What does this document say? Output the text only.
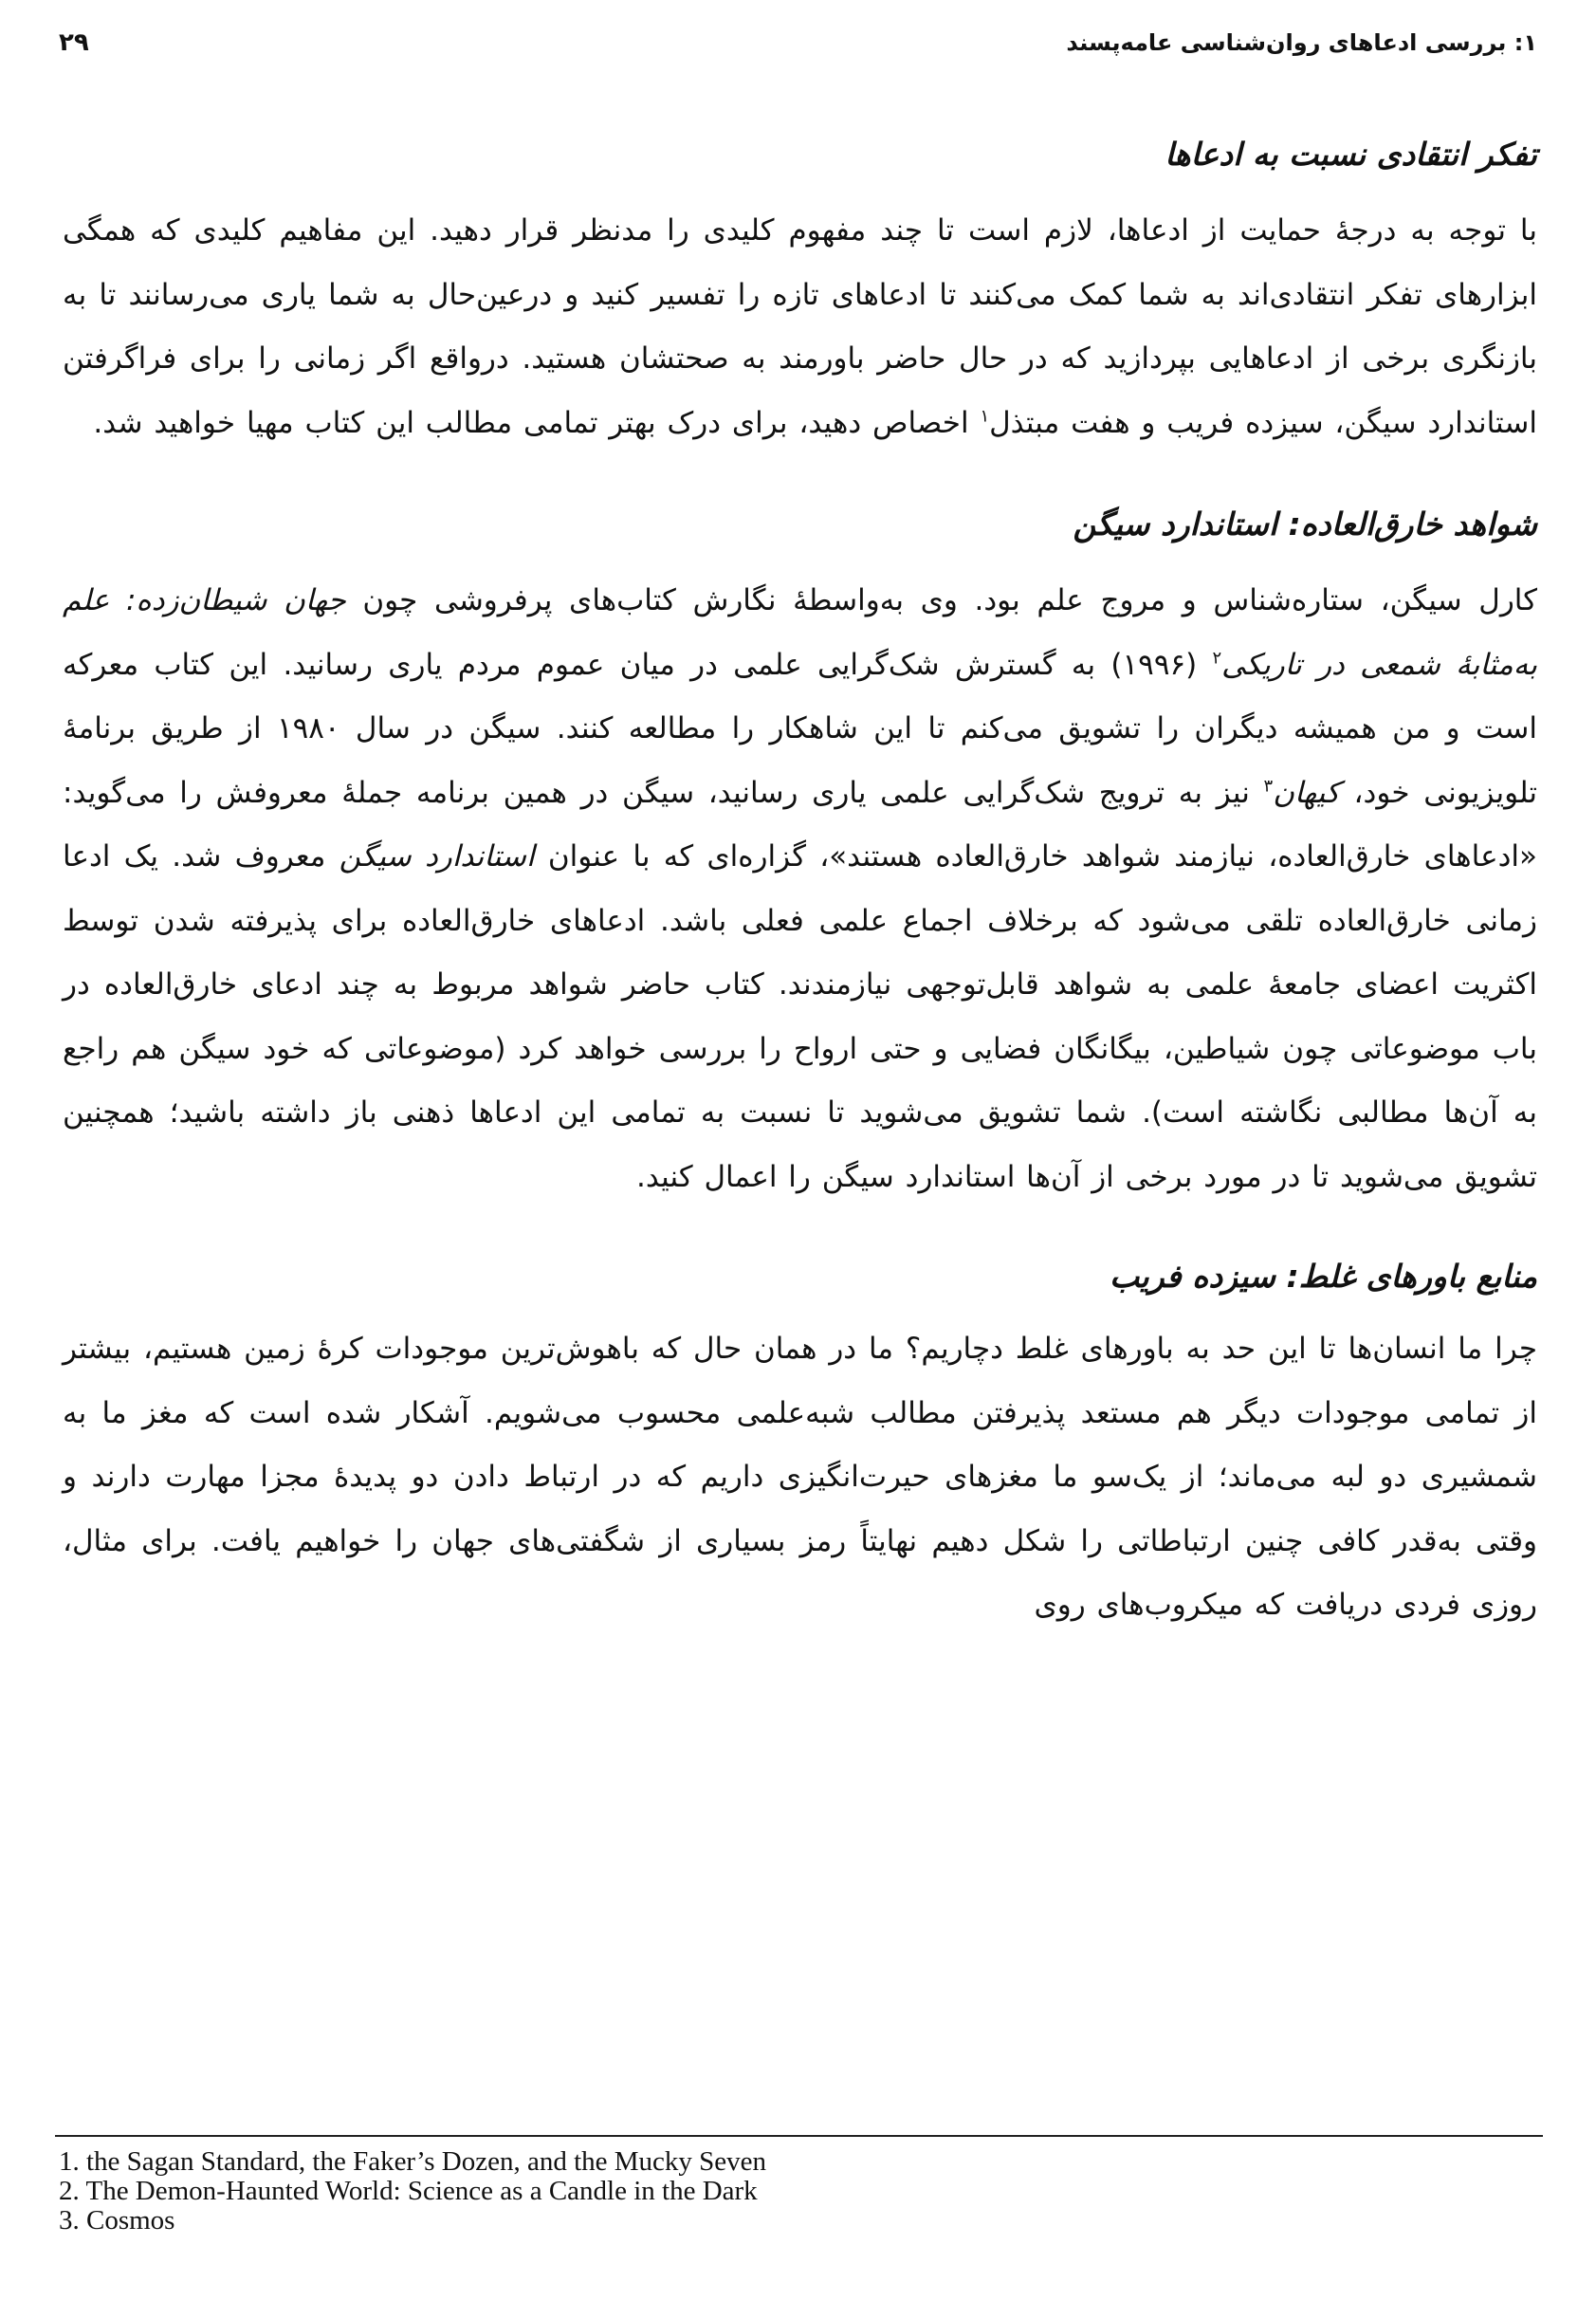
۱: بررسی ادعاهای روان‌شناسی عامه‌پسند
۲۹
تفکر انتقادی نسبت به ادعاها

با توجه به درجهٔ حمایت از ادعاها، لازم است تا چند مفهوم کلیدی را مدنظر قرار دهید. این مفاهیم کلیدی که همگی ابزارهای تفکر انتقادی‌اند به شما کمک می‌کنند تا ادعاهای تازه را تفسیر کنید و درعین‌حال به شما یاری می‌رسانند تا به بازنگری برخی از ادعاهایی بپردازید که در حال حاضر باورمند به صحتشان هستید. درواقع اگر زمانی را برای فراگرفتن استاندارد سیگن، سیزده فریب و هفت مبتذل$^۱$ اخصاص دهید، برای درک بهتر تمامی مطالب این کتاب مهیا خواهید شد.

شواهد خارق‌العاده: استاندارد سیگن

کارل سیگن، ستاره‌شناس و مروج علم بود. وی به‌واسطهٔ نگارش کتاب‌های پرفروشی چون جهان شیطان‌زده: علم به‌مثابهٔ شمعی در تاریکی$^۲$ (۱۹۹۶) به گسترش شک‌گرایی علمی در میان عموم مردم یاری رسانید. این کتاب معرکه است و من همیشه دیگران را تشویق می‌کنم تا این شاهکار را مطالعه کنند. سیگن در سال ۱۹۸۰ از طریق برنامهٔ تلویزیونی خود، کیهان$^۳$ نیز به ترویج شک‌گرایی علمی یاری رسانید، سیگن در همین برنامه جملهٔ معروفش را می‌گوید: «ادعاهای خارق‌العاده، نیازمند شواهد خارق‌العاده هستند»، گزاره‌ای که با عنوان استاندارد سیگن معروف شد. یک ادعا زمانی خارق‌العاده تلقی می‌شود که برخلاف اجماع علمی فعلی باشد. ادعاهای خارق‌العاده برای پذیرفته شدن توسط اکثریت اعضای جامعهٔ علمی به شواهد قابل‌توجهی نیازمندند. کتاب حاضر شواهد مربوط به چند ادعای خارق‌العاده در باب موضوعاتی چون شیاطین، بیگانگان فضایی و حتی ارواح را بررسی خواهد کرد (موضوعاتی که خود سیگن هم راجع به آن‌ها مطالبی نگاشته است). شما تشویق می‌شوید تا نسبت به تمامی این ادعاها ذهنی باز داشته باشید؛ همچنین تشویق می‌شوید تا در مورد برخی از آن‌ها استاندارد سیگن را اعمال کنید.

منابع باورهای غلط: سیزده فریب

چرا ما انسان‌ها تا این حد به باورهای غلط دچاریم؟ ما در همان حال که باهوش‌ترین موجودات کرهٔ زمین هستیم، بیشتر از تمامی موجودات دیگر هم مستعد پذیرفتن مطالب شبه‌علمی محسوب می‌شویم. آشکار شده است که مغز ما به شمشیری دو لبه می‌ماند؛ از یک‌سو ما مغزهای حیرت‌انگیزی داریم که در ارتباط دادن دو پدیدهٔ مجزا مهارت دارند و وقتی به‌قدر کافی چنین ارتباطاتی را شکل دهیم نهایتاً رمز بسیاری از شگفتی‌های جهان را خواهیم یافت. برای مثال، روزی فردی دریافت که میکروب‌های روی

1. the Sagan Standard, the Faker’s Dozen, and the Mucky Seven
2. The Demon-Haunted World: Science as a Candle in the Dark
3. Cosmos
